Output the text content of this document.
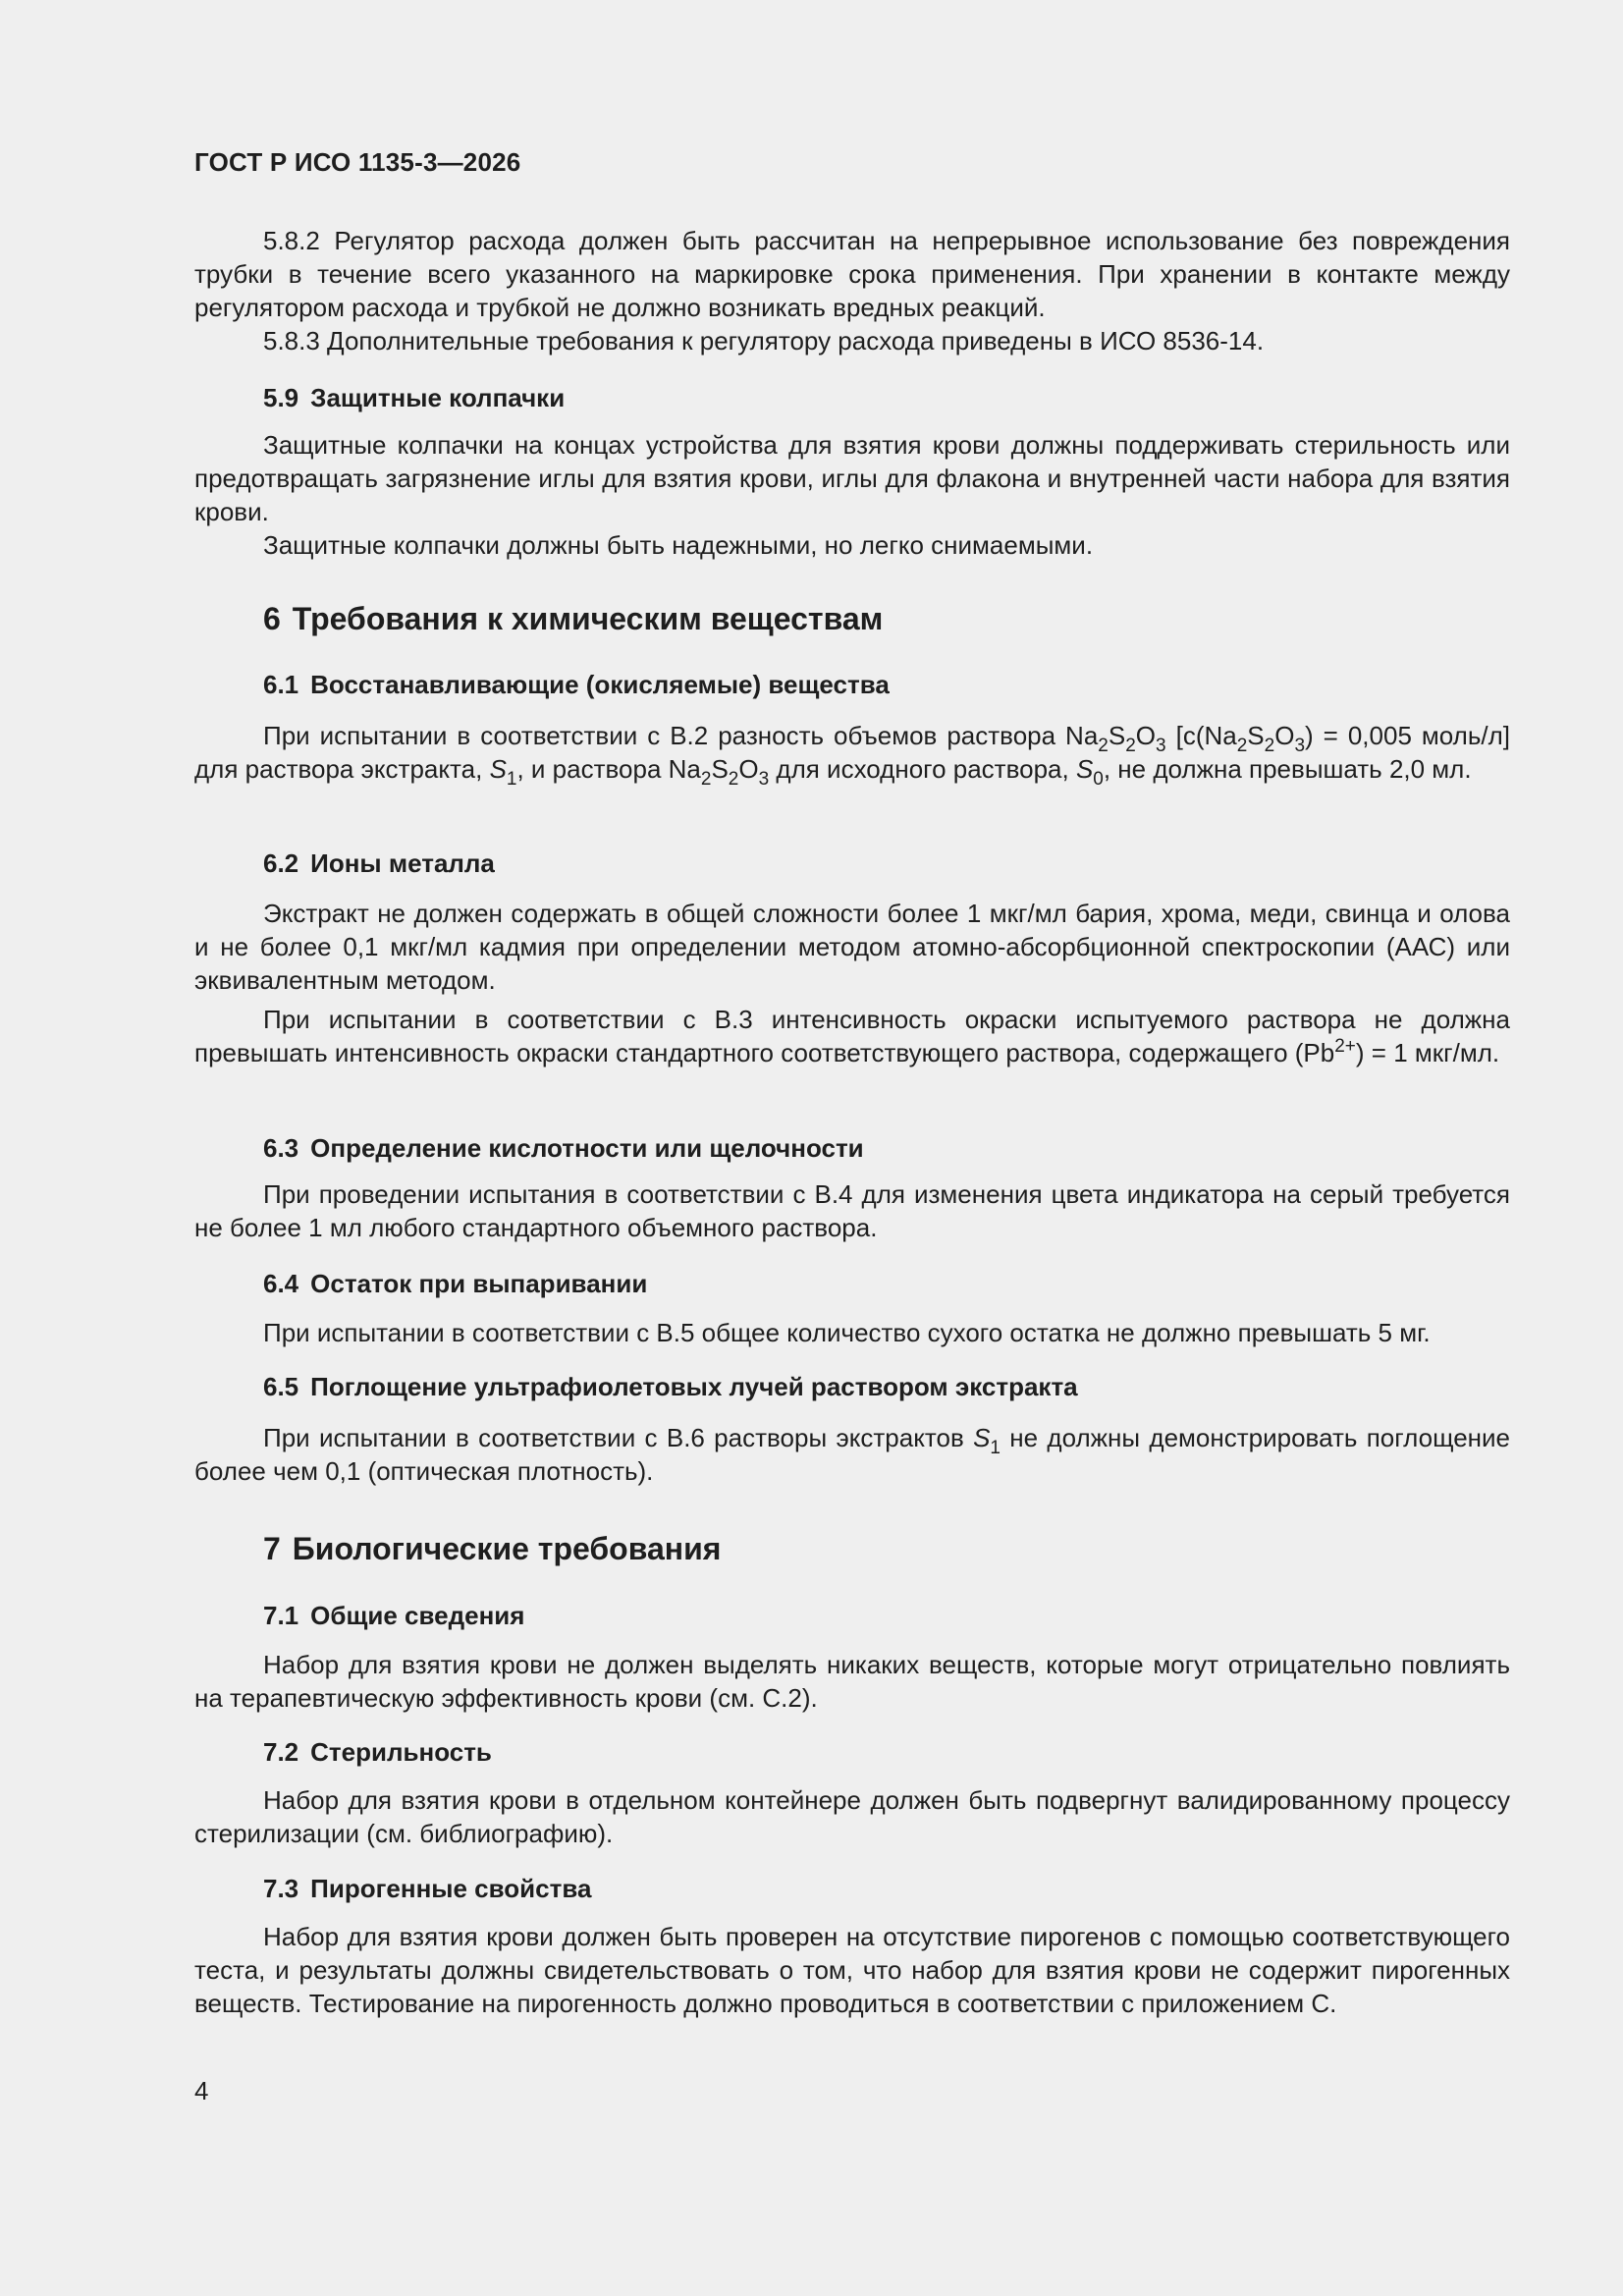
ГОСТ Р ИСО 1135-3—2026

5.8.2 Регулятор расхода должен быть рассчитан на непрерывное использование без повреждения трубки в течение всего указанного на маркировке срока применения. При хранении в контакте между регулятором расхода и трубкой не должно возникать вредных реакций.

5.8.3 Дополнительные требования к регулятору расхода приведены в ИСО 8536-14.

5.9 Защитные колпачки

Защитные колпачки на концах устройства для взятия крови должны поддерживать стерильность или предотвращать загрязнение иглы для взятия крови, иглы для флакона и внутренней части набора для взятия крови.

Защитные колпачки должны быть надежными, но легко снимаемыми.

6 Требования к химическим веществам
6.1 Восстанавливающие (окисляемые) вещества

При испытании в соответствии с В.2 разность объемов раствора $Na_2S_2O_3$ [$c(Na_2S_2O_3) = 0,005$ моль/л] для раствора экстракта, $S_1$, и раствора $Na_2S_2O_3$ для исходного раствора, $S_0$, не должна превышать 2,0 мл.

6.2 Ионы металла

Экстракт не должен содержать в общей сложности более 1 мкг/мл бария, хрома, меди, свинца и олова и не более 0,1 мкг/мл кадмия при определении методом атомно-абсорбционной спектроскопии (ААС) или эквивалентным методом.

При испытании в соответствии с В.3 интенсивность окраски испытуемого раствора не должна превышать интенсивность окраски стандартного соответствующего раствора, содержащего $(Pb^{2+}) = 1$ мкг/мл.

6.3 Определение кислотности или щелочности

При проведении испытания в соответствии с В.4 для изменения цвета индикатора на серый требуется не более 1 мл любого стандартного объемного раствора.

6.4 Остаток при выпаривании

При испытании в соответствии с В.5 общее количество сухого остатка не должно превышать 5 мг.

6.5 Поглощение ультрафиолетовых лучей раствором экстракта

При испытании в соответствии с В.6 растворы экстрактов $S_1$ не должны демонстрировать поглощение более чем 0,1 (оптическая плотность).

7 Биологические требования
7.1 Общие сведения

Набор для взятия крови не должен выделять никаких веществ, которые могут отрицательно повлиять на терапевтическую эффективность крови (см. С.2).

7.2 Стерильность

Набор для взятия крови в отдельном контейнере должен быть подвергнут валидированному процессу стерилизации (см. библиографию).

7.3 Пирогенные свойства

Набор для взятия крови должен быть проверен на отсутствие пирогенов с помощью соответствующего теста, и результаты должны свидетельствовать о том, что набор для взятия крови не содержит пирогенных веществ. Тестирование на пирогенность должно проводиться в соответствии с приложением С.

4
